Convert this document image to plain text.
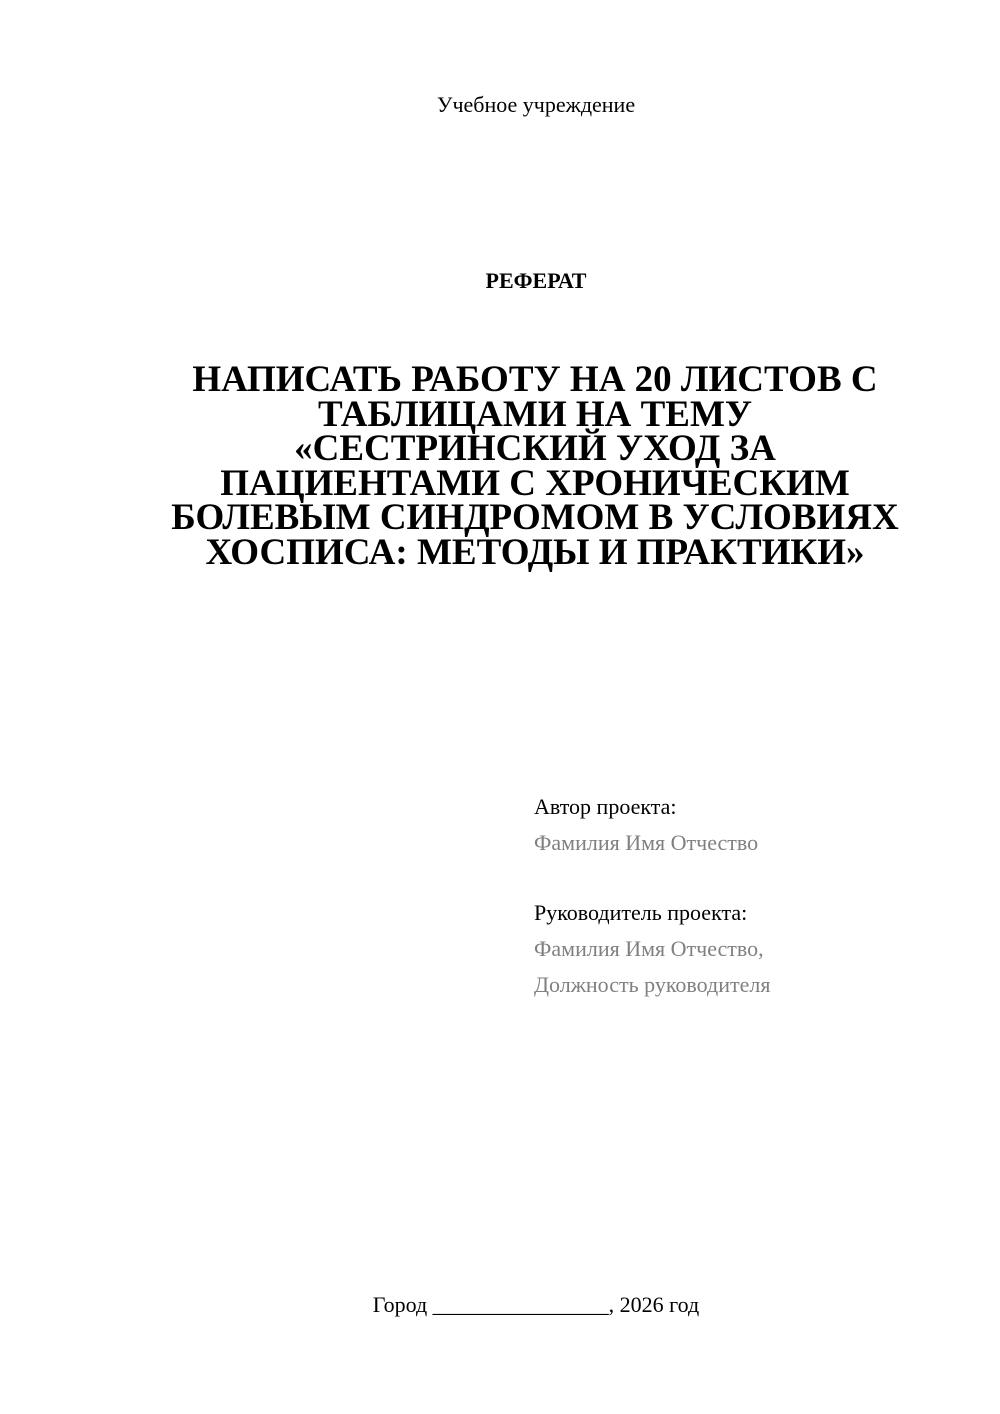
Учебное учреждение
РЕФЕРАТ
НАПИСАТЬ РАБОТУ НА 20 ЛИСТОВ С
ТАБЛИЦАМИ НА ТЕМУ
«СЕСТРИНСКИЙ УХОД ЗА
ПАЦИЕНТАМИ С ХРОНИЧЕСКИМ
БОЛЕВЫМ СИНДРОМОМ В УСЛОВИЯХ
ХОСПИСА: МЕТОДЫ И ПРАКТИКИ»
Автор проекта:
Фамилия Имя Отчество
Руководитель проекта:
Фамилия Имя Отчество,
Должность руководителя
Город ________________, 2026 год
